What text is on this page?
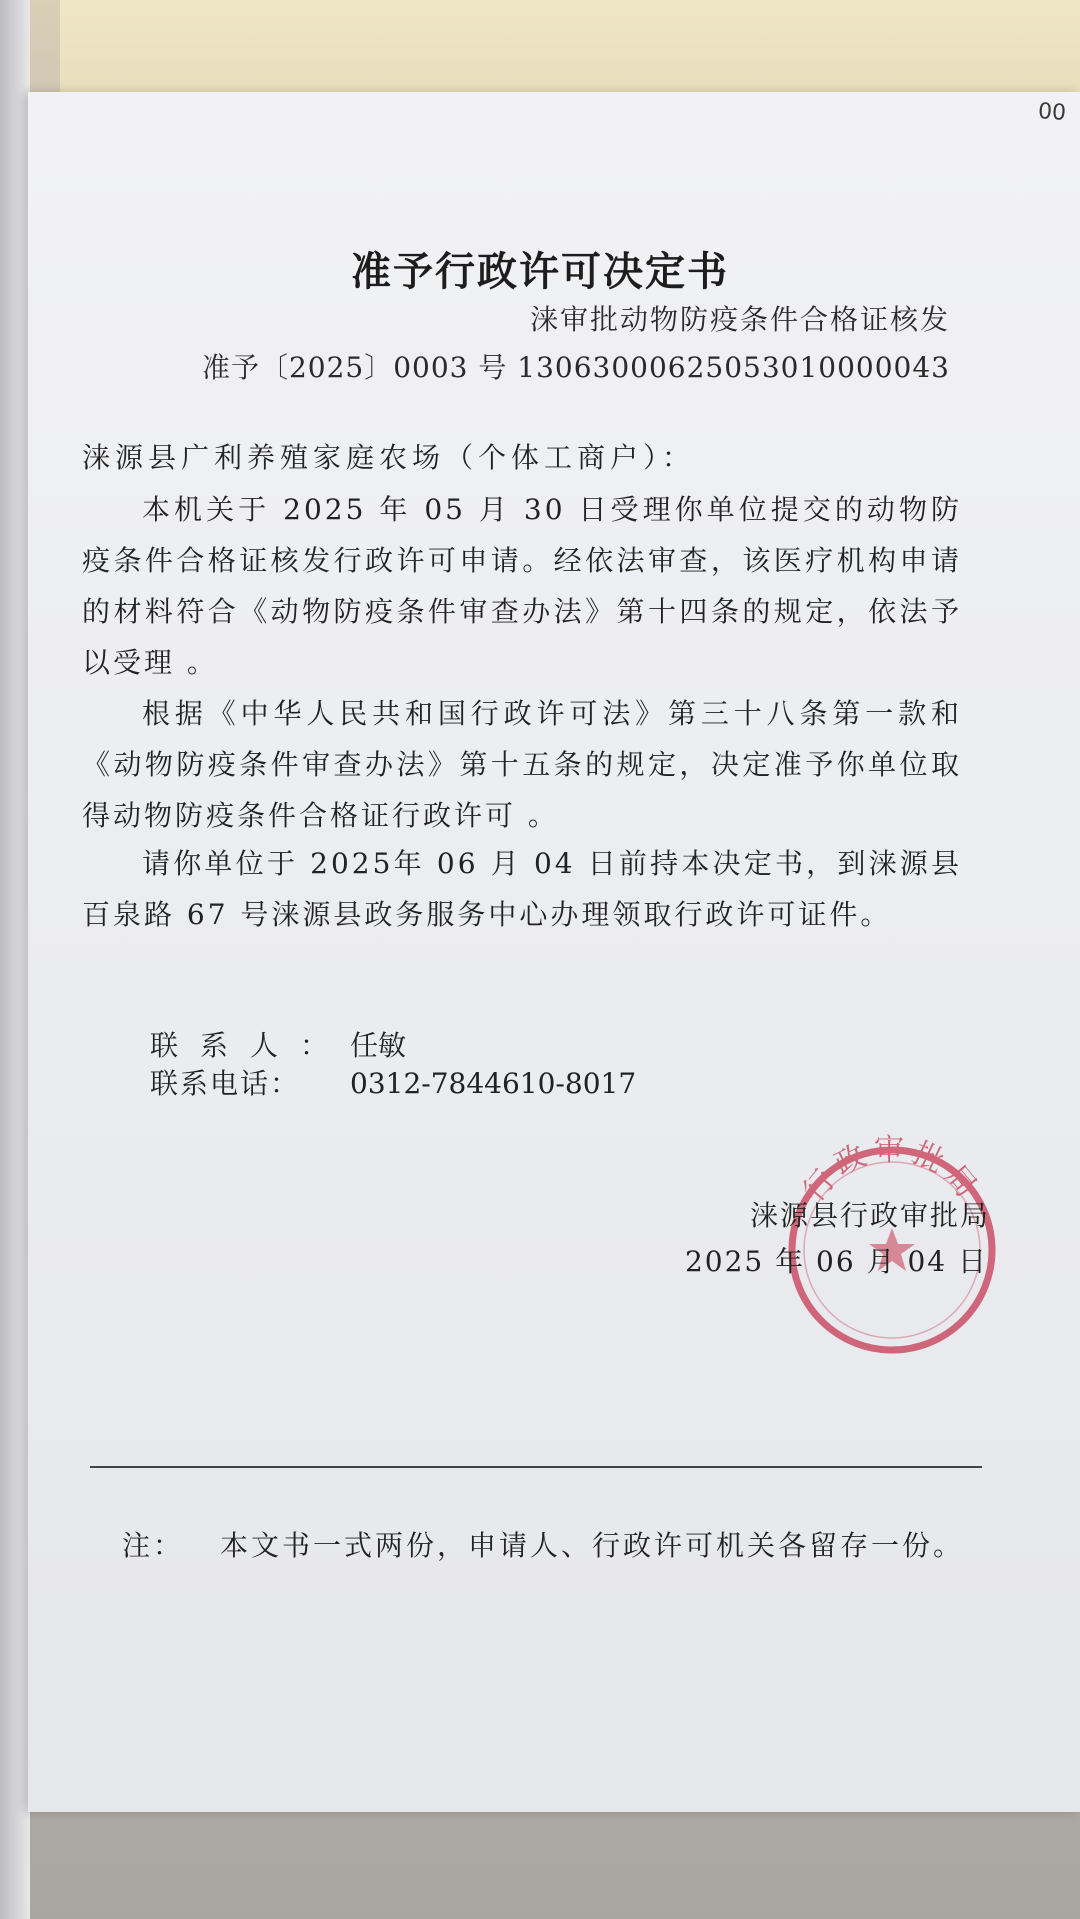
00
准予行政许可决定书
涞审批动物防疫条件合格证核发
准予〔2025〕0003 号 13063000625053010000043
涞源县广利养殖家庭农场（个体工商户）：
本机关于 2025 年 05 月 30 日受理你单位提交的动物防疫条件合格证核发行政许可申请。经依法审查，该医疗机构申请的材料符合《动物防疫条件审查办法》第十四条的规定，依法予以受理 。
根据《中华人民共和国行政许可法》第三十八条第一款和 《动物防疫条件审查办法》第十五条的规定，决定准予你单位取得动物防疫条件合格证行政许可 。
请你单位于 2025年 06 月 04 日前持本决定书，到涞源县百泉路 67 号涞源县政务服务中心办理领取行政许可证件。
联系人：任敏
联系电话： 0312-7844610-8017
行政审批局
涞源县行政审批局
2025 年 06 月 04 日
注： 本文书一式两份，申请人、行政许可机关各留存一份。
